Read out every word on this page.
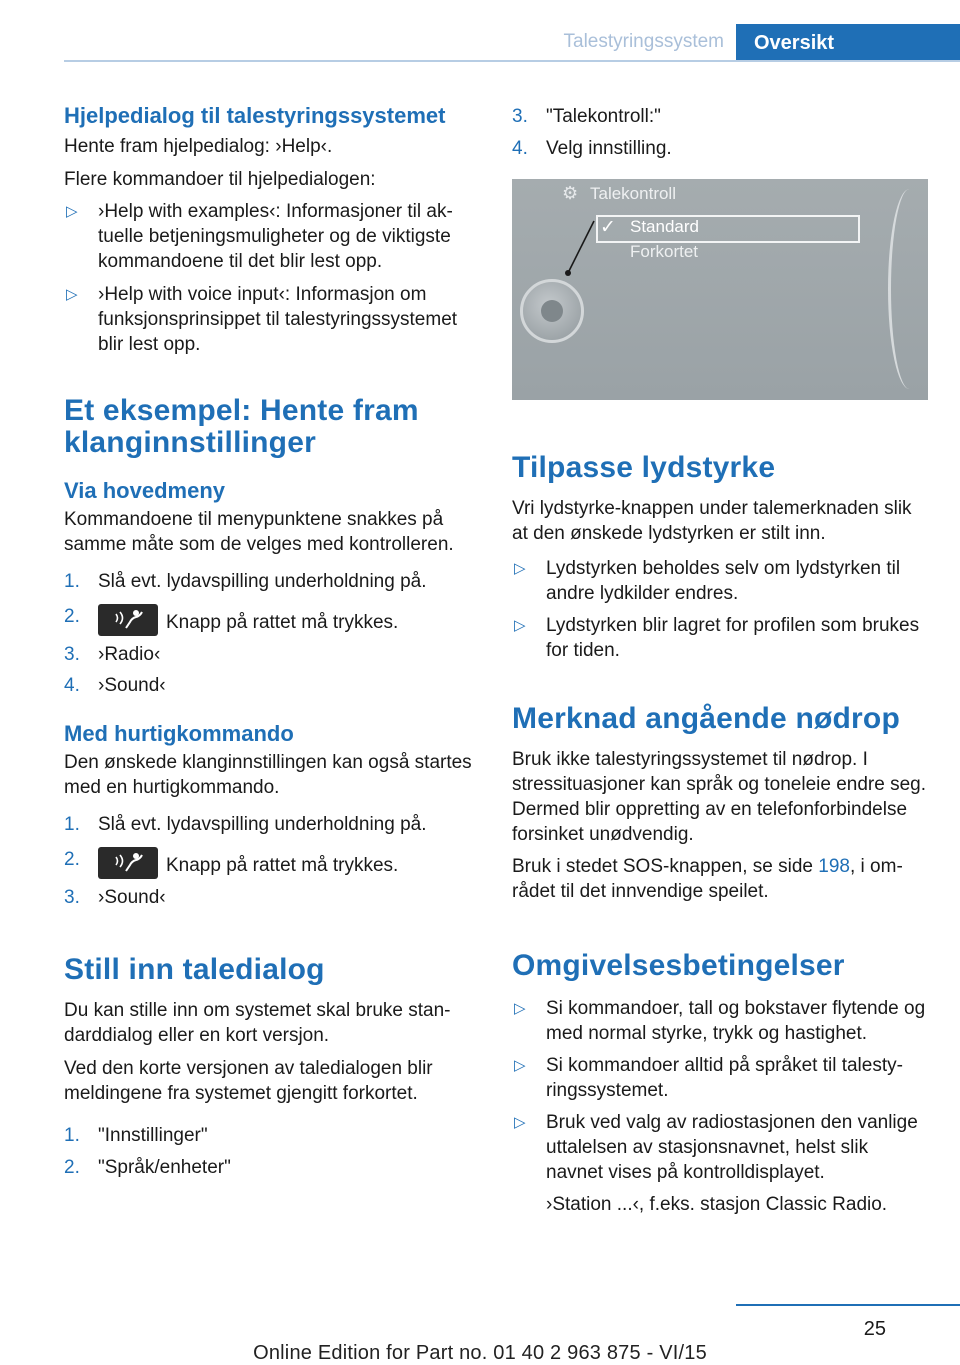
Talestyringssystem	Oversikt
Hjelpedialog til talestyringssystemet

Hente fram hjelpedialog: ›Help‹.

Flere kommandoer til hjelpedialogen:

▷ ›Help with examples‹: Informasjoner til aktuelle betjeningsmuligheter og de viktigste kommandoene til det blir lest opp.
▷ ›Help with voice input‹: Informasjon om funksjonsprinsippet til talestyringssystemet blir lest opp.
Et eksempel: Hente fram klanginnstillinger
Via hovedmeny

Kommandoene til menypunktene snakkes på samme måte som de velges med kontrolleren.

1. Slå evt. lydavspilling underholdning på.
2.	Knapp på rattet må trykkes.
3. ›Radio‹
4. ›Sound‹
Med hurtigkommando

Den ønskede klanginnstillingen kan også startes med en hurtigkommando.

1. Slå evt. lydavspilling underholdning på.
2.	Knapp på rattet må trykkes.
3. ›Sound‹
Still inn taledialog

Du kan stille inn om systemet skal bruke standarddialog eller en kort versjon.

Ved den korte versjonen av taledialogen blir meldingene fra systemet gjengitt forkortet.

1. "Innstillinger"
2. "Språk/enheter"
3. "Talekontroll:"
4. Velg innstilling.
⚙ Talekontroll
✓ Standard
Forkortet
Tilpasse lydstyrke

Vri lydstyrke-knappen under talemerknaden slik at den ønskede lydstyrken er stilt inn.

▷ Lydstyrken beholdes selv om lydstyrken til andre lydkilder endres.
▷ Lydstyrken blir lagret for profilen som brukes for tiden.
Merknad angående nødrop

Bruk ikke talestyringssystemet til nødrop. I stressituasjoner kan språk og toneleie endre seg. Dermed blir oppretting av en telefonforbindelse forsinket unødvendig.

Bruk i stedet SOS-knappen, se side 198, i området til det innvendige speilet.

Omgivelsesbetingelser
▷ Si kommandoer, tall og bokstaver flytende og med normal styrke, trykk og hastighet.
▷ Si kommandoer alltid på språket til talestyringssystemet.
▷ Bruk ved valg av radiostasjonen den vanlige uttalelsen av stasjonsnavnet, helst slik navnet vises på kontrolldisplayet.
›Station ...‹, f.eks. stasjon Classic Radio.
25
Online Edition for Part no. 01 40 2 963 875 - VI/15
